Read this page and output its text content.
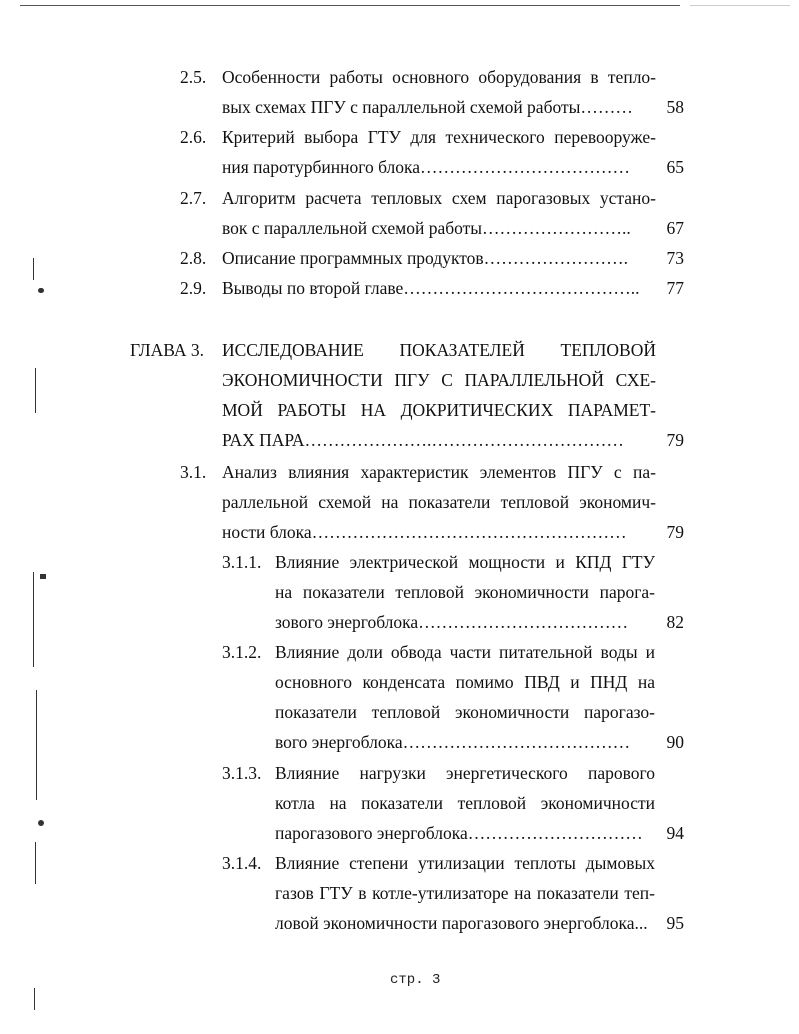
2.5. Особенности работы основного оборудования в тепло-
вых схемах ПГУ с параллельной схемой работы……… 58
2.6. Критерий выбора ГТУ для технического перевооруже-
ния паротурбинного блока……………………………… 65
2.7. Алгоритм расчета тепловых схем парогазовых устано-
вок с параллельной схемой работы…………………….. 67
2.8. Описание программных продуктов……………………. 73
2.9. Выводы по второй главе………………………………….. 77
ГЛАВА 3. ИССЛЕДОВАНИЕ ПОКАЗАТЕЛЕЙ ТЕПЛОВОЙ
ЭКОНОМИЧНОСТИ ПГУ С ПАРАЛЛЕЛЬНОЙ СХЕ-
МОЙ РАБОТЫ НА ДОКРИТИЧЕСКИХ ПАРАМЕТ-
РАХ ПАРА………………….…………………………… 79
3.1. Анализ влияния характеристик элементов ПГУ с па-
раллельной схемой на показатели тепловой экономич-
ности блока……………………………………………… 79
3.1.1. Влияние электрической мощности и КПД ГТУ
на показатели тепловой экономичности парога-
зового энергоблока……………………………… 82
3.1.2. Влияние доли обвода части питательной воды и
основного конденсата помимо ПВД и ПНД на
показатели тепловой экономичности парогазо-
вого энергоблока………………………………… 90
3.1.3. Влияние нагрузки энергетического парового
котла на показатели тепловой экономичности
парогазового энергоблока………………………… 94
3.1.4. Влияние степени утилизации теплоты дымовых
газов ГТУ в котле-утилизаторе на показатели теп-
ловой экономичности парогазового энергоблока... 95
стр. 3
